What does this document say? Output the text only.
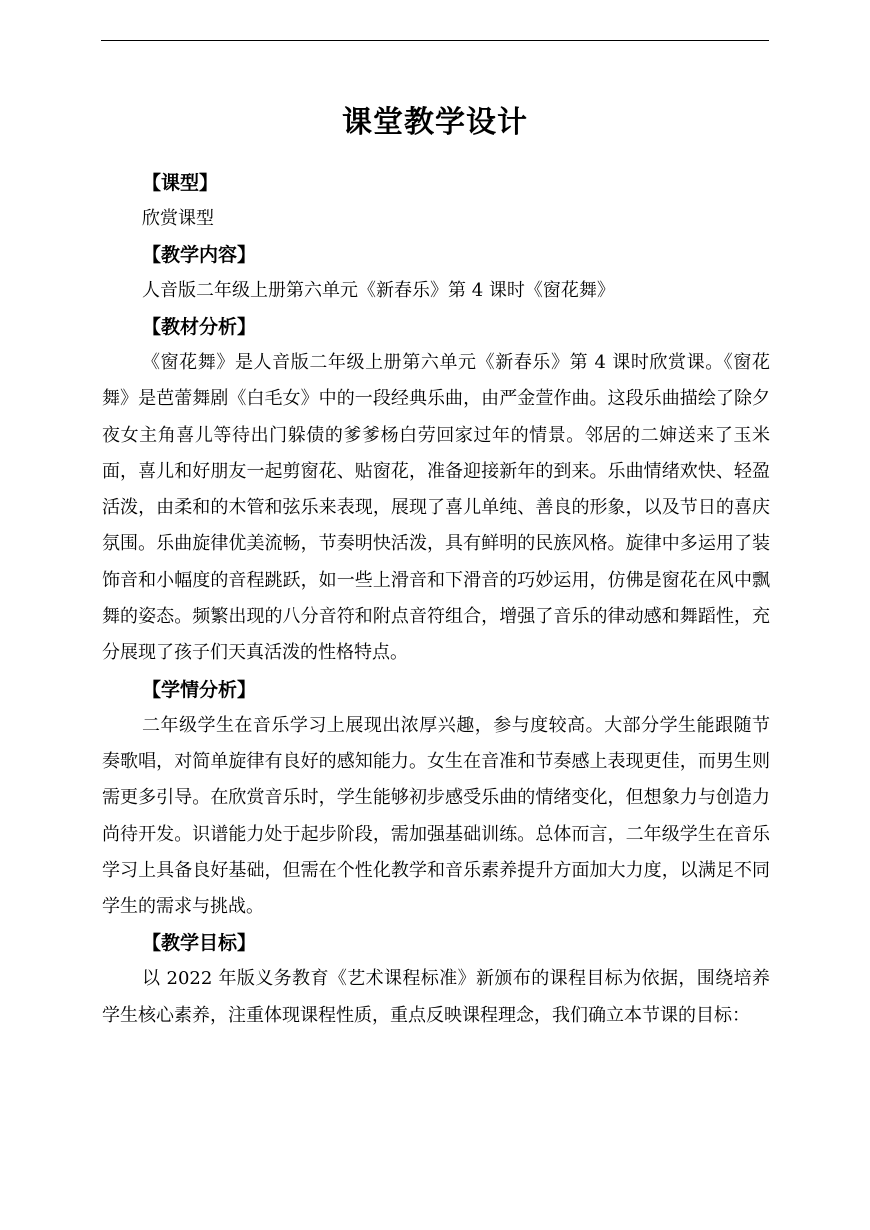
课堂教学设计
【课型】
欣赏课型
【教学内容】
人音版二年级上册第六单元《新春乐》第 4 课时《窗花舞》
【教材分析】

《窗花舞》是人音版二年级上册第六单元《新春乐》第 4 课时欣赏课。《窗花舞》是芭蕾舞剧《白毛女》中的一段经典乐曲，由严金萱作曲。这段乐曲描绘了除夕夜女主角喜儿等待出门躲债的爹爹杨白劳回家过年的情景。邻居的二婶送来了玉米面，喜儿和好朋友一起剪窗花、贴窗花，准备迎接新年的到来。乐曲情绪欢快、轻盈活泼，由柔和的木管和弦乐来表现，展现了喜儿单纯、善良的形象，以及节日的喜庆氛围。乐曲旋律优美流畅，节奏明快活泼，具有鲜明的民族风格。旋律中多运用了装饰音和小幅度的音程跳跃，如一些上滑音和下滑音的巧妙运用，仿佛是窗花在风中飘舞的姿态。频繁出现的八分音符和附点音符组合，增强了音乐的律动感和舞蹈性，充分展现了孩子们天真活泼的性格特点。

【学情分析】

二年级学生在音乐学习上展现出浓厚兴趣，参与度较高。大部分学生能跟随节奏歌唱，对简单旋律有良好的感知能力。女生在音准和节奏感上表现更佳，而男生则需更多引导。在欣赏音乐时，学生能够初步感受乐曲的情绪变化，但想象力与创造力尚待开发。识谱能力处于起步阶段，需加强基础训练。总体而言，二年级学生在音乐学习上具备良好基础，但需在个性化教学和音乐素养提升方面加大力度，以满足不同学生的需求与挑战。

【教学目标】

以 2022 年版义务教育《艺术课程标准》新颁布的课程目标为依据，围绕培养学生核心素养，注重体现课程性质，重点反映课程理念，我们确立本节课的目标：
